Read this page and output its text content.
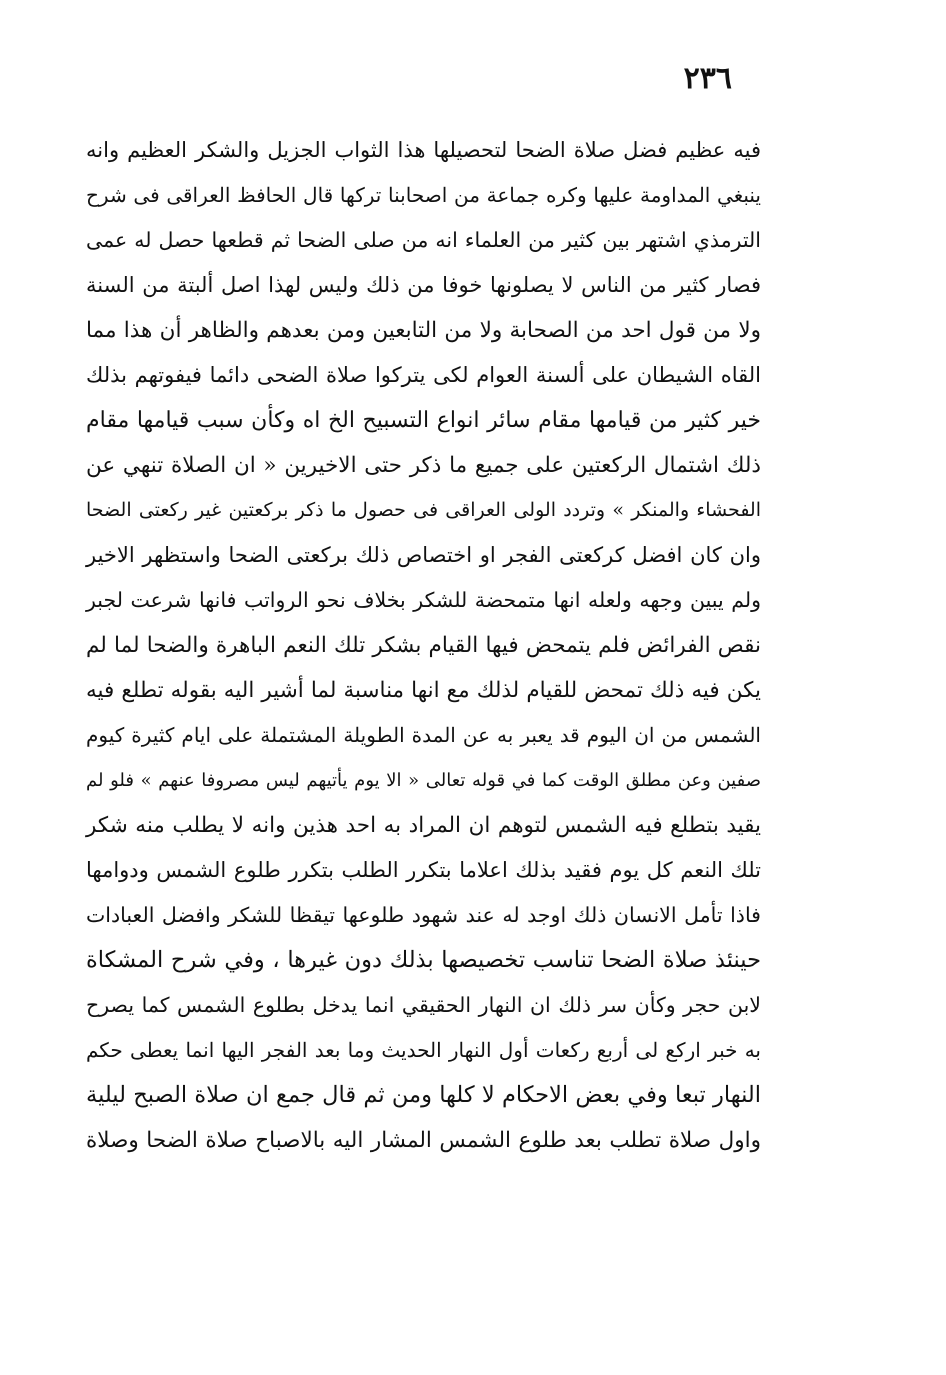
٢٣٦
فيه عظيم فضل صلاة الضحا لتحصيلها هذا الثواب الجزيل والشكر العظيم وانه
ينبغي المداومة عليها وكره جماعة من اصحابنا تركها قال الحافظ العراقى فى شرح
الترمذي اشتهر بين كثير من العلماء انه من صلى الضحا ثم قطعها حصل له عمى
فصار كثير من الناس لا يصلونها خوفا من ذلك وليس لهذا اصل ألبتة من السنة
ولا من قول احد من الصحابة ولا من التابعين ومن بعدهم والظاهر أن هذا مما
القاه الشيطان على ألسنة العوام لكى يتركوا صلاة الضحى دائما فيفوتهم بذلك
خير كثير من قيامها مقام سائر انواع التسبيح الخ اه وكأن سبب قيامها مقام
ذلك اشتمال الركعتين على جميع ما ذكر حتى الاخيرين « ان الصلاة تنهي عن
الفحشاء والمنكر » وتردد الولى العراقى فى حصول ما ذكر بركعتين غير ركعتى الضحا
وان كان افضل كركعتى الفجر او اختصاص ذلك بركعتى الضحا واستظهر الاخير
ولم يبين وجهه ولعله انها متمحضة للشكر بخلاف نحو الرواتب فانها شرعت لجبر
نقص الفرائض فلم يتمحض فيها القيام بشكر تلك النعم الباهرة والضحا لما لم
يكن فيه ذلك تمحض للقيام لذلك مع انها مناسبة لما أشير اليه بقوله تطلع فيه
الشمس من ان اليوم قد يعبر به عن المدة الطويلة المشتملة على ايام كثيرة كيوم
صفين وعن مطلق الوقت كما في قوله تعالى « الا يوم يأتيهم ليس مصروفا عنهم » فلو لم
يقيد بتطلع فيه الشمس لتوهم ان المراد به احد هذين وانه لا يطلب منه شكر
تلك النعم كل يوم فقيد بذلك اعلاما بتكرر الطلب بتكرر طلوع الشمس ودوامها
فاذا تأمل الانسان ذلك اوجد له عند شهود طلوعها تيقظا للشكر وافضل العبادات
حينئذ صلاة الضحا تناسب تخصيصها بذلك دون غيرها ، وفي شرح المشكاة
لابن حجر وكأن سر ذلك ان النهار الحقيقي انما يدخل بطلوع الشمس كما يصرح
به خبر اركع لى أربع ركعات أول النهار الحديث وما بعد الفجر اليها انما يعطى حكم
النهار تبعا وفي بعض الاحكام لا كلها ومن ثم قال جمع ان صلاة الصبح ليلية
واول صلاة تطلب بعد طلوع الشمس المشار اليه بالاصباح صلاة الضحا وصلاة
